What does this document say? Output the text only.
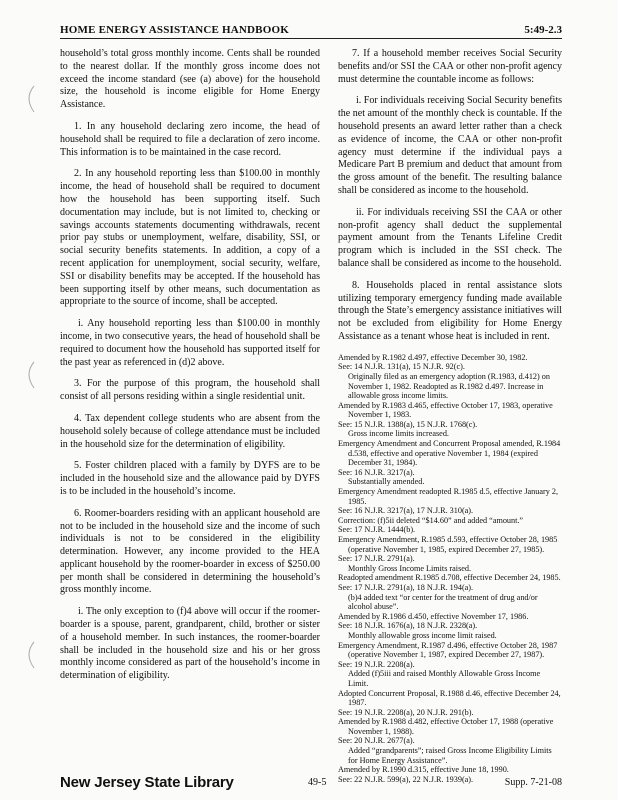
HOME ENERGY ASSISTANCE HANDBOOK	5:49-2.3

household’s total gross monthly income. Cents shall be rounded to the nearest dollar. If the monthly gross income does not exceed the income standard (see (a) above) for the household size, the household is income eligible for Home Energy Assistance.

1. In any household declaring zero income, the head of household shall be required to file a declaration of zero income. This information is to be maintained in the case record.

2. In any household reporting less than $100.00 in monthly income, the head of household shall be required to document how the household has been supporting itself. Such documentation may include, but is not limited to, checking or savings accounts statements documenting withdrawals, recent prior pay stubs or unemployment, welfare, disability, SSI, or social security benefits statements. In addition, a copy of a recent application for unemployment, social security, welfare, SSI or disability benefits may be accepted. If the household has been supporting itself by other means, such documentation as appropriate to the source of income, shall be accepted.

i. Any household reporting less than $100.00 in monthly income, in two consecutive years, the head of household shall be required to document how the household has supported itself for the past year as referenced in (d)2 above.

3. For the purpose of this program, the household shall consist of all persons residing within a single residential unit.

4. Tax dependent college students who are absent from the household solely because of college attendance must be included in the household size for the determination of eligibility.

5. Foster children placed with a family by DYFS are to be included in the household size and the allowance paid by DYFS is to be included in the household’s income.

6. Roomer-boarders residing with an applicant household are not to be included in the household size and the income of such individuals is not to be considered in the eligibility determination. However, any income provided to the HEA applicant household by the roomer-boarder in excess of $250.00 per month shall be considered in determining the household’s gross monthly income.

i. The only exception to (f)4 above will occur if the roomer-boarder is a spouse, parent, grandparent, child, brother or sister of a household member. In such instances, the roomer-boarder shall be included in the household size and his or her gross monthly income considered as part of the household’s income in determination of eligibility.

7. If a household member receives Social Security benefits and/or SSI the CAA or other non-profit agency must determine the countable income as follows:

i. For individuals receiving Social Security benefits the net amount of the monthly check is countable. If the household presents an award letter rather than a check as evidence of income, the CAA or other non-profit agency must determine if the individual pays a Medicare Part B premium and deduct that amount from the gross amount of the benefit. The resulting balance shall be considered as income to the household.

ii. For individuals receiving SSI the CAA or other non-profit agency shall deduct the supplemental payment amount from the Tenants Lifeline Credit program which is included in the SSI check. The balance shall be considered as income to the household.

8. Households placed in rental assistance slots utilizing temporary emergency funding made available through the State’s emergency assistance initiatives will not be excluded from eligibility for Home Energy Assistance as a tenant whose heat is included in rent.

Amended by R.1982 d.497, effective December 30, 1982.

See: 14 N.J.R. 131(a), 15 N.J.R. 92(c).

Originally filed as an emergency adoption (R.1983, d.412) on November 1, 1982. Readopted as R.1982 d.497. Increase in allowable gross income limits.

Amended by R.1983 d.465, effective October 17, 1983, operative November 1, 1983.

See: 15 N.J.R. 1388(a), 15 N.J.R. 1768(c).

Gross income limits increased.

Emergency Amendment and Concurrent Proposal amended, R.1984 d.538, effective and operative November 1, 1984 (expired December 31, 1984).

See: 16 N.J.R. 3217(a).

Substantially amended.

Emergency Amendment readopted R.1985 d.5, effective January 2, 1985.

See: 16 N.J.R. 3217(a), 17 N.J.R. 310(a).

Correction: (f)5ii deleted “$14.60” and added “amount.”

See: 17 N.J.R. 1444(b).

Emergency Amendment, R.1985 d.593, effective October 28, 1985 (operative November 1, 1985, expired December 27, 1985).

See: 17 N.J.R. 2791(a).

Monthly Gross Income Limits raised.

Readopted amendment R.1985 d.708, effective December 24, 1985.

See: 17 N.J.R. 2791(a), 18 N.J.R. 194(a).

(b)4 added text “or center for the treatment of drug and/or alcohol abuse”.

Amended by R.1986 d.450, effective November 17, 1986.

See: 18 N.J.R. 1676(a), 18 N.J.R. 2328(a).

Monthly allowable gross income limit raised.

Emergency Amendment, R.1987 d.496, effective October 28, 1987 (operative November 1, 1987, expired December 27, 1987).

See: 19 N.J.R. 2208(a).

Added (f)5iii and raised Monthly Allowable Gross Income Limit.

Adopted Concurrent Proposal, R.1988 d.46, effective December 24, 1987.

See: 19 N.J.R. 2208(a), 20 N.J.R. 291(b).

Amended by R.1988 d.482, effective October 17, 1988 (operative November 1, 1988).

See: 20 N.J.R. 2677(a).

Added “grandparents”; raised Gross Income Eligibility Limits for Home Energy Assistance”.

Amended by R.1990 d.315, effective June 18, 1990.

See: 22 N.J.R. 599(a), 22 N.J.R. 1939(a).

New Jersey State Library	49-5	Supp. 7-21-08
